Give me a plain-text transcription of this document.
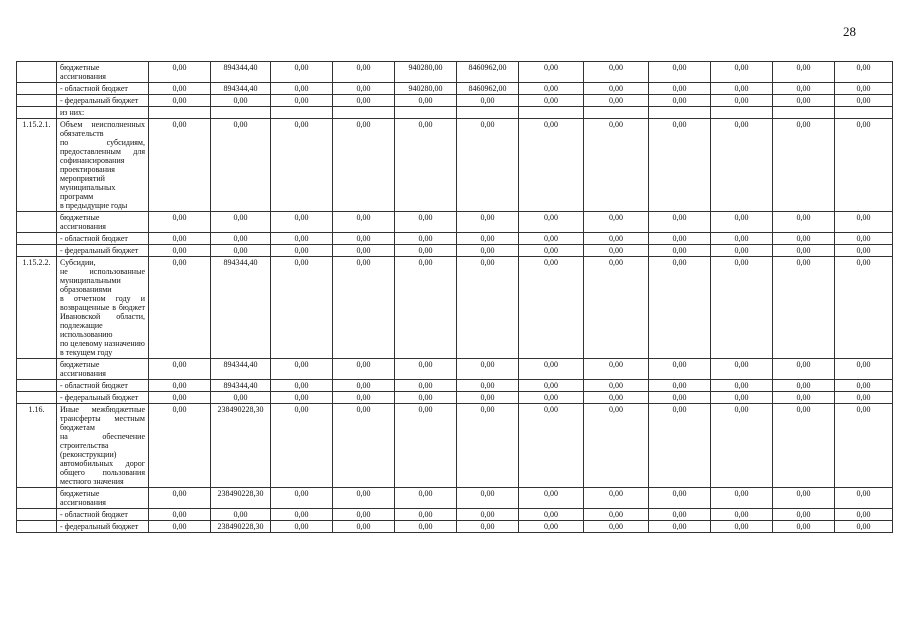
28
	бюджетные
ассигнования	0,00	894344,40	0,00	0,00	940280,00	8460962,00	0,00	0,00	0,00	0,00	0,00	0,00
	- областной бюджет	0,00	894344,40	0,00	0,00	940280,00	8460962,00	0,00	0,00	0,00	0,00	0,00	0,00
	- федеральный бюджет	0,00	0,00	0,00	0,00	0,00	0,00	0,00	0,00	0,00	0,00	0,00	0,00
	из них:												
1.15.2.1.	Объем неисполненных обязательств
по субсидиям, предоставленным для софинансирования проектирования мероприятий муниципальных программ
в предыдущие годы	0,00	0,00	0,00	0,00	0,00	0,00	0,00	0,00	0,00	0,00	0,00	0,00
	бюджетные
ассигнования	0,00	0,00	0,00	0,00	0,00	0,00	0,00	0,00	0,00	0,00	0,00	0,00
	- областной бюджет	0,00	0,00	0,00	0,00	0,00	0,00	0,00	0,00	0,00	0,00	0,00	0,00
	- федеральный бюджет	0,00	0,00	0,00	0,00	0,00	0,00	0,00	0,00	0,00	0,00	0,00	0,00
1.15.2.2.	Субсидии,
не использованные муниципальными образованиями
в отчетном году и возвращенные в бюджет Ивановской области, подлежащие использованию
по целевому назначению
в текущем году	0,00	894344,40	0,00	0,00	0,00	0,00	0,00	0,00	0,00	0,00	0,00	0,00
	бюджетные
ассигнования	0,00	894344,40	0,00	0,00	0,00	0,00	0,00	0,00	0,00	0,00	0,00	0,00
	- областной бюджет	0,00	894344,40	0,00	0,00	0,00	0,00	0,00	0,00	0,00	0,00	0,00	0,00
	- федеральный бюджет	0,00	0,00	0,00	0,00	0,00	0,00	0,00	0,00	0,00	0,00	0,00	0,00
1.16.	Иные межбюджетные трансферты местным бюджетам
на обеспечение строительства (реконструкции) автомобильных дорог общего пользования местного значения	0,00	238490228,30	0,00	0,00	0,00	0,00	0,00	0,00	0,00	0,00	0,00	0,00
	бюджетные
ассигнования	0,00	238490228,30	0,00	0,00	0,00	0,00	0,00	0,00	0,00	0,00	0,00	0,00
	- областной бюджет	0,00	0,00	0,00	0,00	0,00	0,00	0,00	0,00	0,00	0,00	0,00	0,00
	- федеральный бюджет	0,00	238490228,30	0,00	0,00	0,00	0,00	0,00	0,00	0,00	0,00	0,00	0,00
